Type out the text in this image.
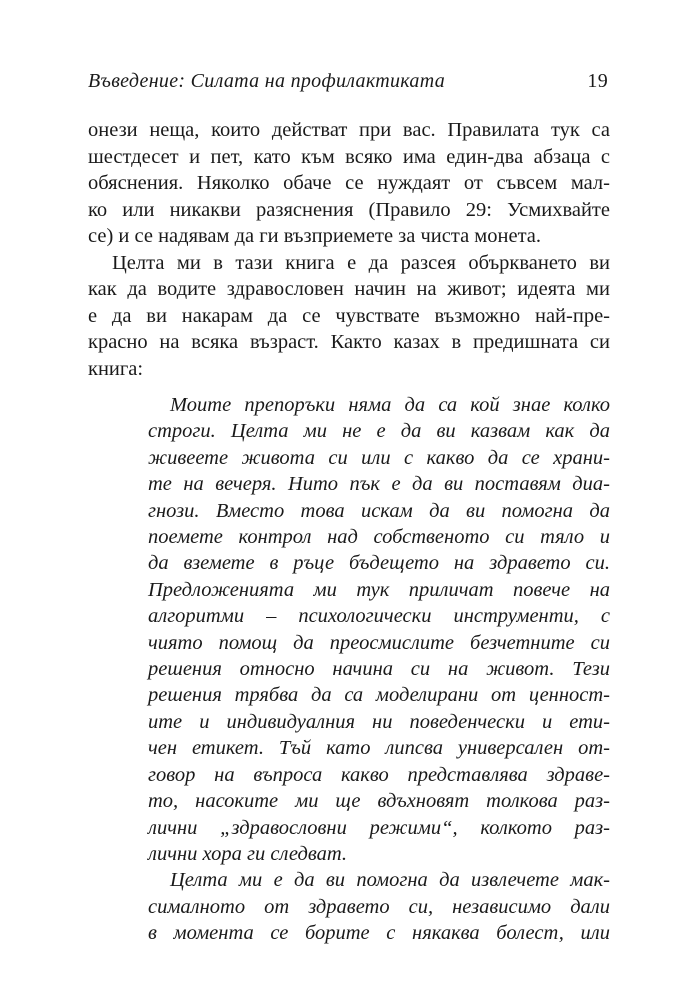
Въведение: Силата на профилактиката	19
онези неща, които действат при вас. Правилата тук са
шестдесет и пет, като към всяко има един-два абзаца с
обяснения. Няколко обаче се нуждаят от съвсем мал-
ко или никакви разяснения (Правило 29: Усмихвайте
се) и се надявам да ги възприемете за чиста монета.
Целта ми в тази книга е да разсея объркването ви
как да водите здравословен начин на живот; идеята ми
е да ви накарам да се чувствате възможно най-пре-
красно на всяка възраст. Както казах в предишната си
книга:
Моите препоръки няма да са кой знае колко
строги. Целта ми не е да ви казвам как да
живеете живота си или с какво да се храни-
те на вечеря. Нито пък е да ви поставям диа-
гнози. Вместо това искам да ви помогна да
поемете контрол над собственото си тяло и
да вземете в ръце бъдещето на здравето си.
Предложенията ми тук приличат повече на
алгоритми – психологически инструменти, с
чиято помощ да преосмислите безчетните си
решения относно начина си на живот. Тези
решения трябва да са моделирани от ценност-
ите и индивидуалния ни поведенчески и ети-
чен етикет. Тъй като липсва универсален от-
говор на въпроса какво представлява здраве-
то, насоките ми ще вдъхновят толкова раз-
лични „здравословни режими“, колкото раз-
лични хора ги следват.
Целта ми е да ви помогна да извлечете мак-
сималното от здравето си, независимо дали
в момента се борите с някаква болест, или
